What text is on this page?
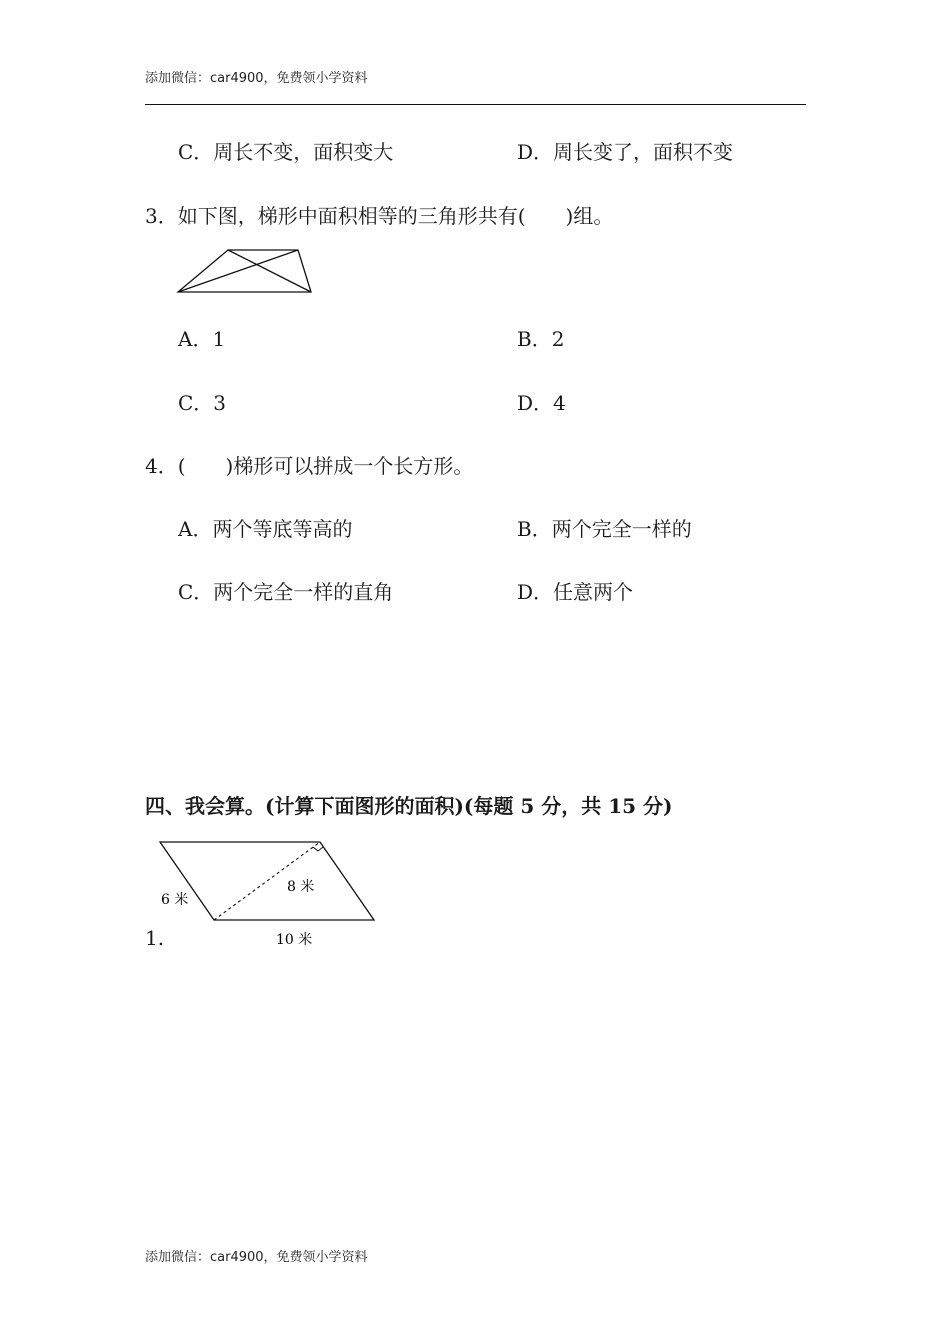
添加微信：car4900，免费领小学资料
C．周长不变，面积变大	D．周长变了，面积不变
3．如下图，梯形中面积相等的三角形共有(　　)组。
A．1	B．2
C．3	D．4
4．(　　)梯形可以拼成一个长方形。
A．两个等底等高的	B．两个完全一样的
C．两个完全一样的直角	D．任意两个
四、我会算。(计算下面图形的面积)(每题 5 分，共 15 分)
6 米
8 米
10 米
1.
添加微信：car4900，免费领小学资料
